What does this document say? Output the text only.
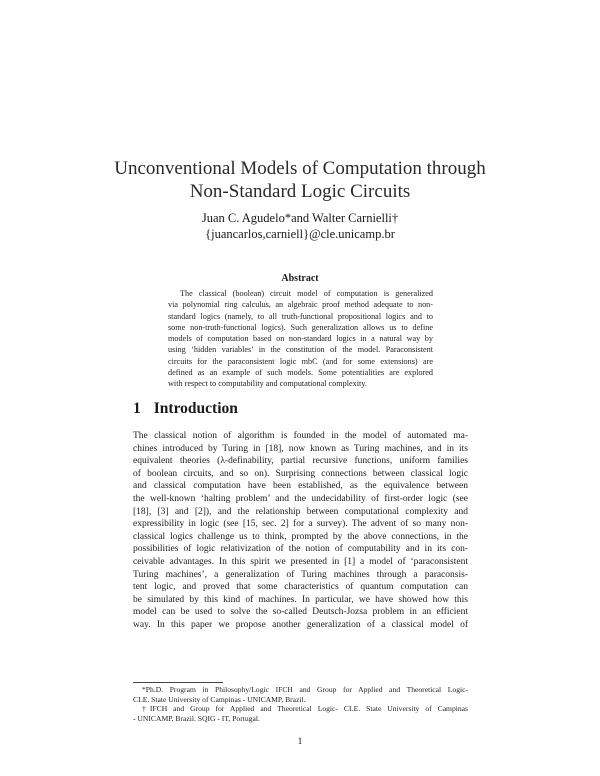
Unconventional Models of Computation through
Non-Standard Logic Circuits
Juan C. Agudelo*and Walter Carnielli†
{juancarlos,carniell}@cle.unicamp.br
Abstract
The classical (boolean) circuit model of computation is generalized
via polynomial ring calculus, an algebraic proof method adequate to non-
standard logics (namely, to all truth-functional propositional logics and to
some non-truth-functional logics). Such generalization allows us to define
models of computation based on non-standard logics in a natural way by
using ‘hidden variables’ in the constitution of the model. Paraconsistent
circuits for the paraconsistent logic mbC (and for some extensions) are
defined as an example of such models. Some potentialities are explored
with respect to computability and computational complexity.
1 Introduction
The classical notion of algorithm is founded in the model of automated ma-
chines introduced by Turing in [18], now known as Turing machines, and in its
equivalent theories (λ-definability, partial recursive functions, uniform families
of boolean circuits, and so on). Surprising connections between classical logic
and classical computation have been established, as the equivalence between
the well-known ‘halting problem’ and the undecidability of first-order logic (see
[18], [3] and [2]), and the relationship between computational complexity and
expressibility in logic (see [15, sec. 2] for a survey). The advent of so many non-
classical logics challenge us to think, prompted by the above connections, in the
possibilities of logic relativization of the notion of computability and in its con-
ceivable advantages. In this spirit we presented in [1] a model of ‘paraconsistent
Turing machines’, a generalization of Turing machines through a paraconsis-
tent logic, and proved that some characteristics of quantum computation can
be simulated by this kind of machines. In particular, we have showed how this
model can be used to solve the so-called Deutsch-Jozsa problem in an efficient
way. In this paper we propose another generalization of a classical model of
*Ph.D. Program in Philosophy/Logic IFCH and Group for Applied and Theoretical Logic-
CLE. State University of Campinas - UNICAMP, Brazil.
†IFCH and Group for Applied and Theoretical Logic- CLE. State University of Campinas
- UNICAMP, Brazil. SQIG - IT, Portugal.
1
